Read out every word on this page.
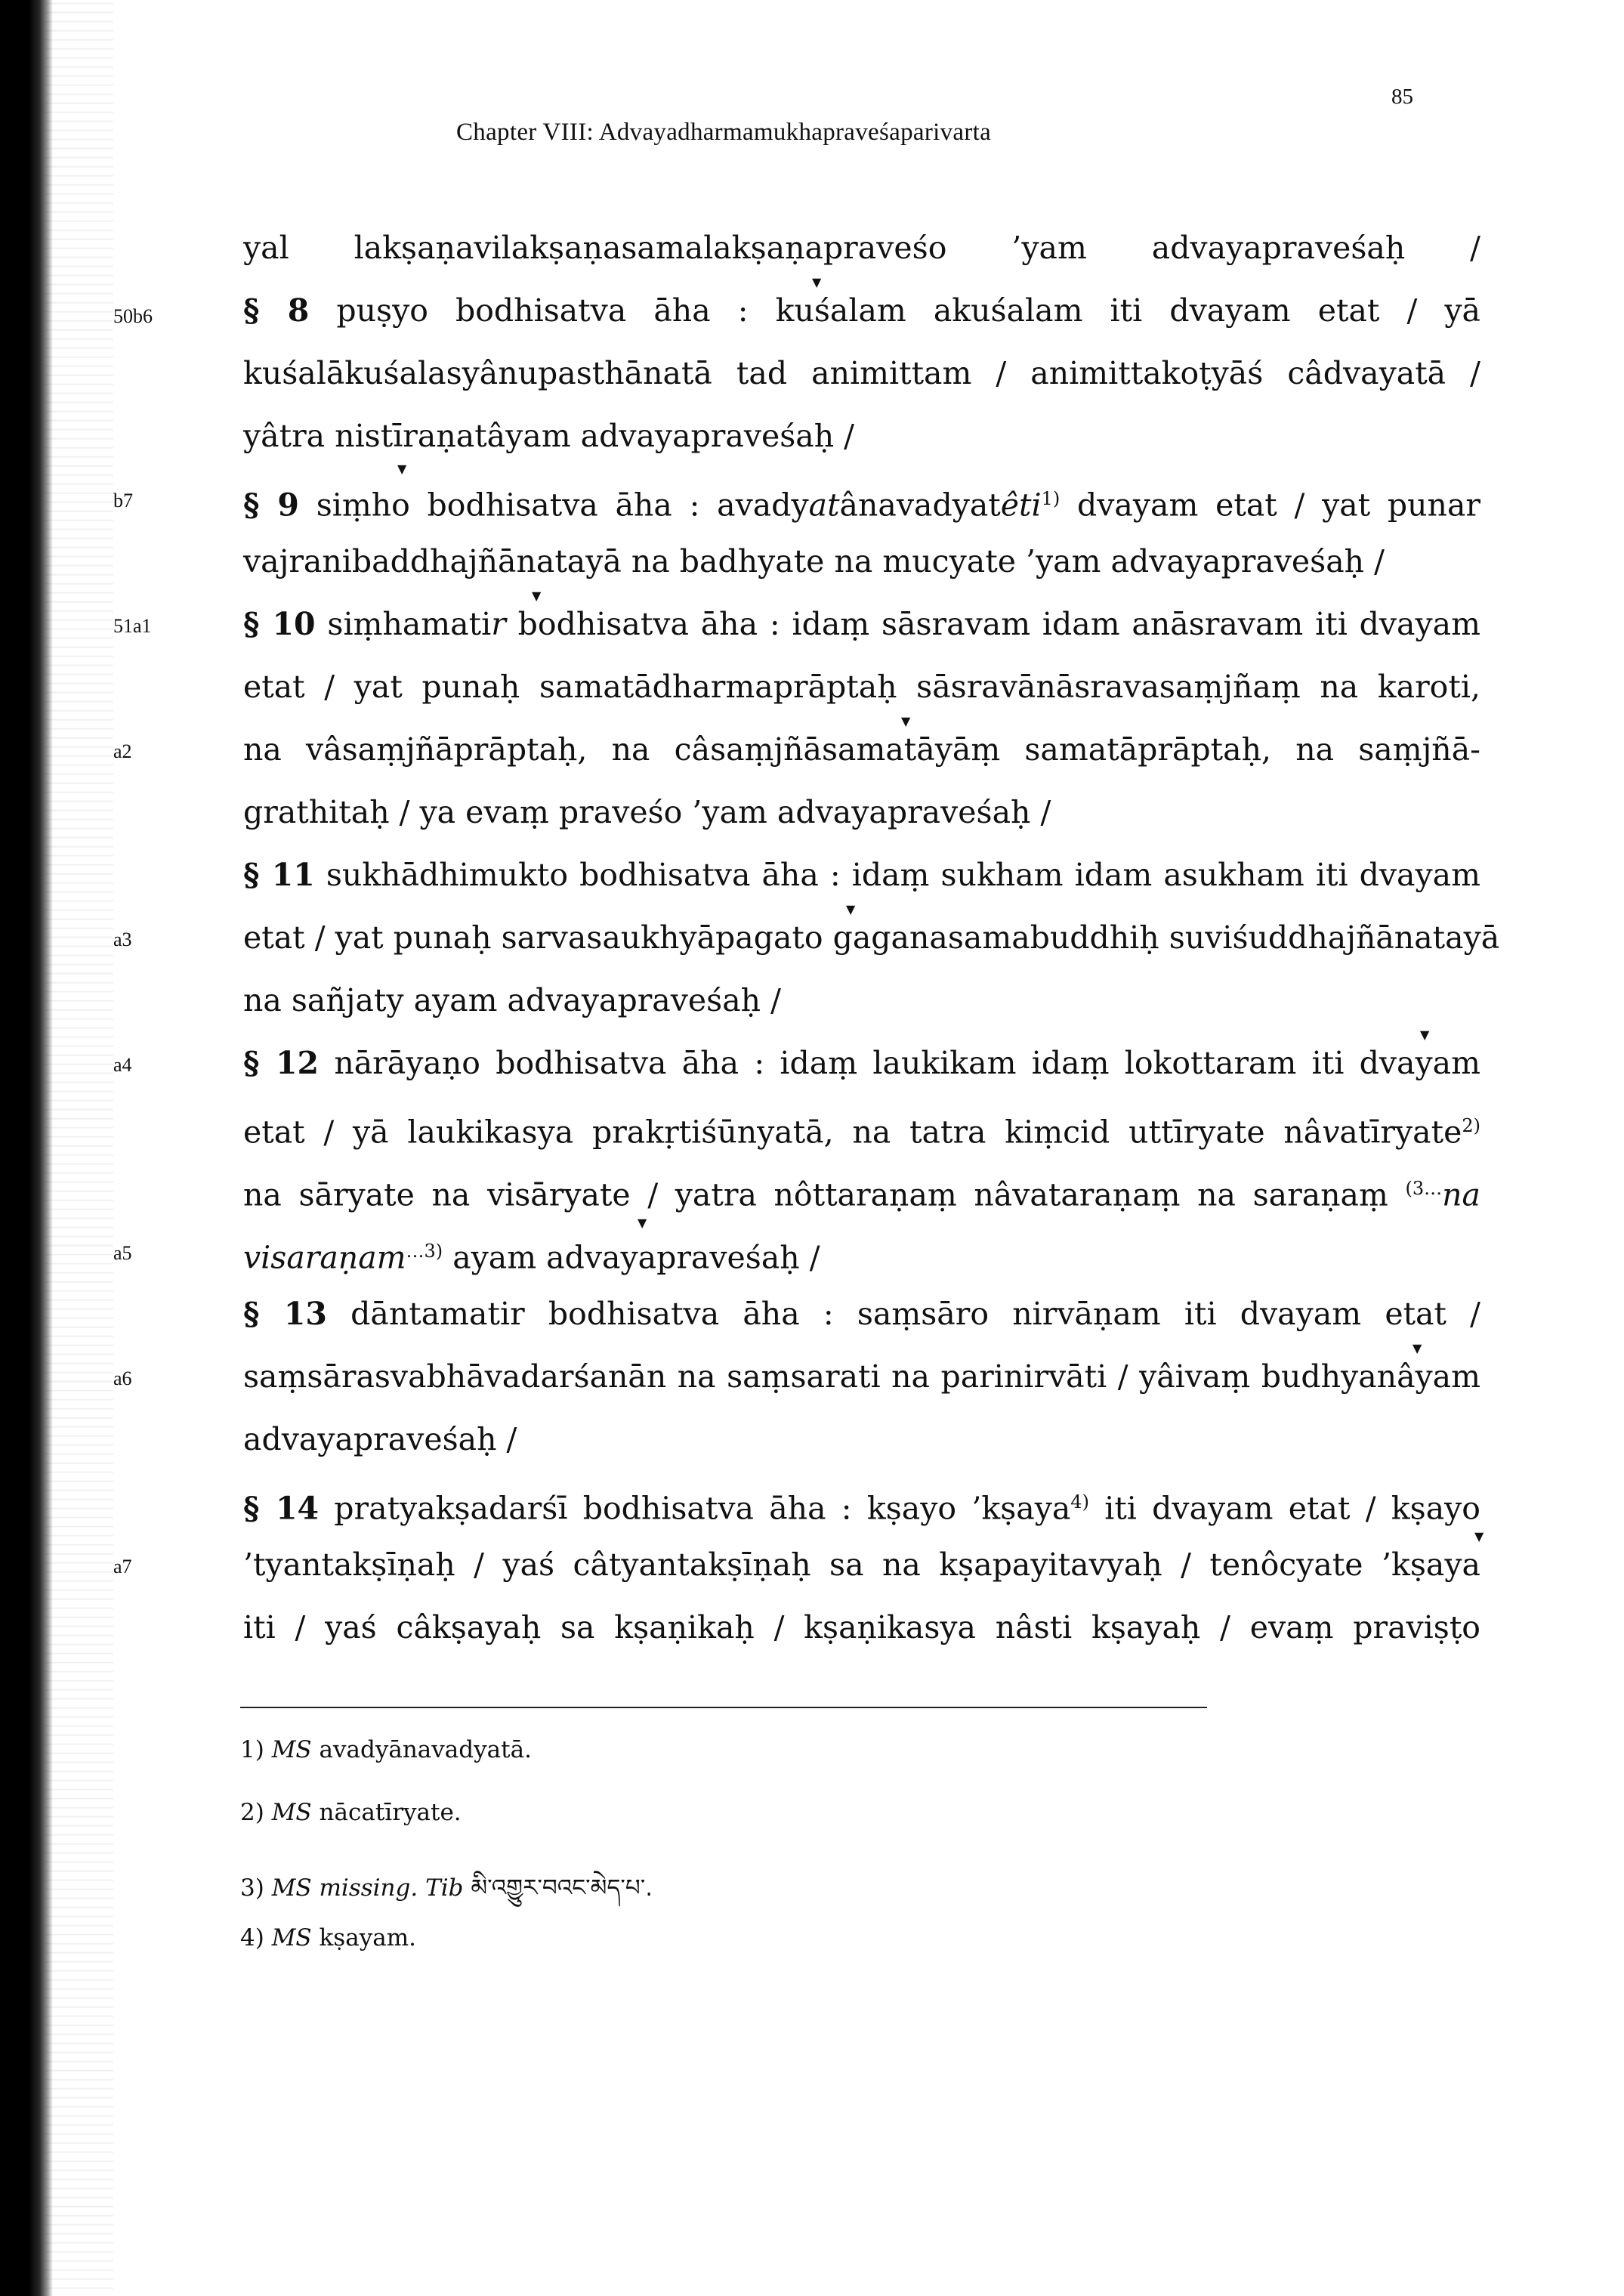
85
Chapter VIII: Advayadharmamukhapraveśaparivarta
50b6
b7
51a1
a2
a3
a4
a5
a6
a7
yal lakṣaṇavilakṣaṇasamalakṣaṇapraveśo ’yam advayapraveśaḥ /
§ 8 puṣyo bodhisatva āha : kuśalam akuśalam iti dvayam etat / yā
kuśalākuśalasyânupasthānatā tad animittam / animittakoṭyāś câdvayatā /
yâtra nistīraṇatâyam advayapraveśaḥ /
§ 9 siṃho bodhisatva āha : avadyatânavadyatêti$^{1)}$ dvayam etat / yat punar
vajranibaddhajñānatayā na badhyate na mucyate ’yam advayapraveśaḥ /
§ 10 siṃhamatir bodhisatva āha : idaṃ sāsravam idam anāsravam iti dvayam
etat / yat punaḥ samatādharmaprāptaḥ sāsravānāsravasaṃjñaṃ na karoti,
na vâsaṃjñāprāptaḥ, na câsaṃjñāsamatāyāṃ samatāprāptaḥ, na saṃjñā-
grathitaḥ / ya evaṃ praveśo ’yam advayapraveśaḥ /
§ 11 sukhādhimukto bodhisatva āha : idaṃ sukham idam asukham iti dvayam
etat / yat punaḥ sarvasaukhyāpagato gaganasamabuddhiḥ suviśuddhajñānatayā
na sañjaty ayam advayapraveśaḥ /
§ 12 nārāyaṇo bodhisatva āha : idaṃ laukikam idaṃ lokottaram iti dvayam
etat / yā laukikasya prakṛtiśūnyatā, na tatra kiṃcid uttīryate nâvatīryate$^{2)}$
na sāryate na visāryate / yatra nôttaraṇaṃ nâvataraṇaṃ na saraṇaṃ $^{(3\dots}$na
visaraṇam$^{\dots 3)}$ ayam advayapraveśaḥ /
§ 13 dāntamatir bodhisatva āha : saṃsāro nirvāṇam iti dvayam etat /
saṃsārasvabhāvadarśanān na saṃsarati na parinirvāti / yâivaṃ budhyanâyam
advayapraveśaḥ /
§ 14 pratyakṣadarśī bodhisatva āha : kṣayo ’kṣaya$^{4)}$ iti dvayam etat / kṣayo
’tyantakṣīṇaḥ / yaś câtyantakṣīṇaḥ sa na kṣapayitavyaḥ / tenôcyate ’kṣaya
iti / yaś câkṣayaḥ sa kṣaṇikaḥ / kṣaṇikasya nâsti kṣayaḥ / evaṃ praviṣṭo
▼
▼
▼
▼
▼
▼
▼
▼
▼
1) MS avadyānavadyatā.
2) MS nācatīryate.
3) MS missing. Tib མི་འགྱུར་བའང་མེད་པ་.
4) MS kṣayam.
